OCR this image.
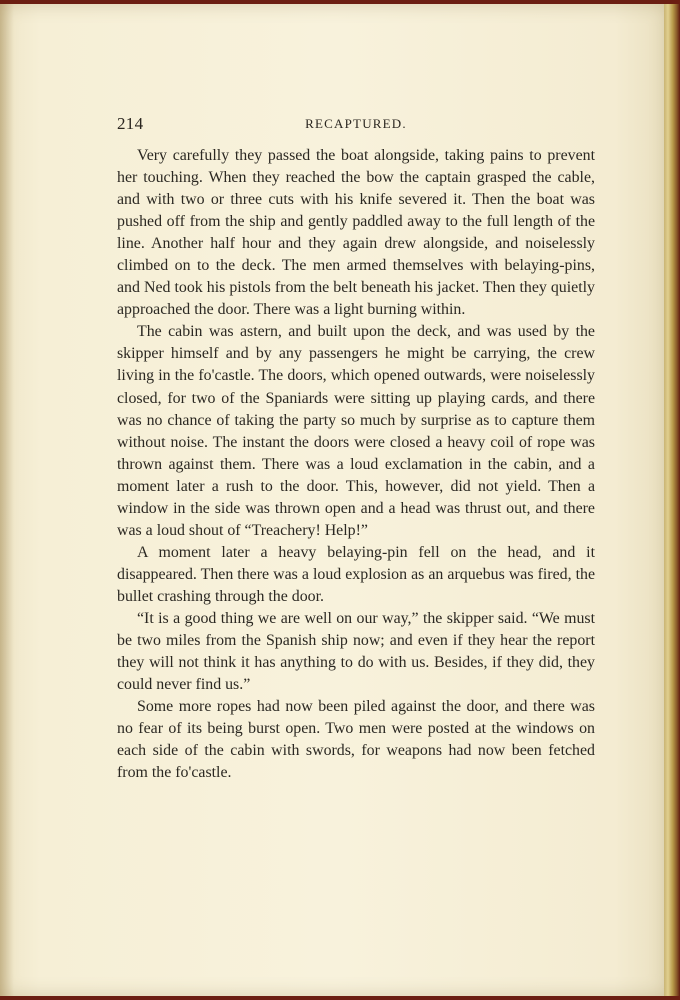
214	RECAPTURED.

Very carefully they passed the boat alongside, taking pains to prevent her touching. When they reached the bow the captain grasped the cable, and with two or three cuts with his knife severed it. Then the boat was pushed off from the ship and gently paddled away to the full length of the line. Another half hour and they again drew alongside, and noiselessly climbed on to the deck. The men armed themselves with belaying-pins, and Ned took his pistols from the belt beneath his jacket. Then they quietly approached the door. There was a light burning within.

The cabin was astern, and built upon the deck, and was used by the skipper himself and by any passengers he might be carrying, the crew living in the fo'castle. The doors, which opened outwards, were noiselessly closed, for two of the Spaniards were sitting up playing cards, and there was no chance of taking the party so much by surprise as to capture them without noise. The instant the doors were closed a heavy coil of rope was thrown against them. There was a loud exclamation in the cabin, and a moment later a rush to the door. This, however, did not yield. Then a window in the side was thrown open and a head was thrust out, and there was a loud shout of “Treachery! Help!”

A moment later a heavy belaying-pin fell on the head, and it disappeared. Then there was a loud explosion as an arquebus was fired, the bullet crashing through the door.

“It is a good thing we are well on our way,” the skipper said. “We must be two miles from the Spanish ship now; and even if they hear the report they will not think it has anything to do with us. Besides, if they did, they could never find us.”

Some more ropes had now been piled against the door, and there was no fear of its being burst open. Two men were posted at the windows on each side of the cabin with swords, for weapons had now been fetched from the fo'castle.
